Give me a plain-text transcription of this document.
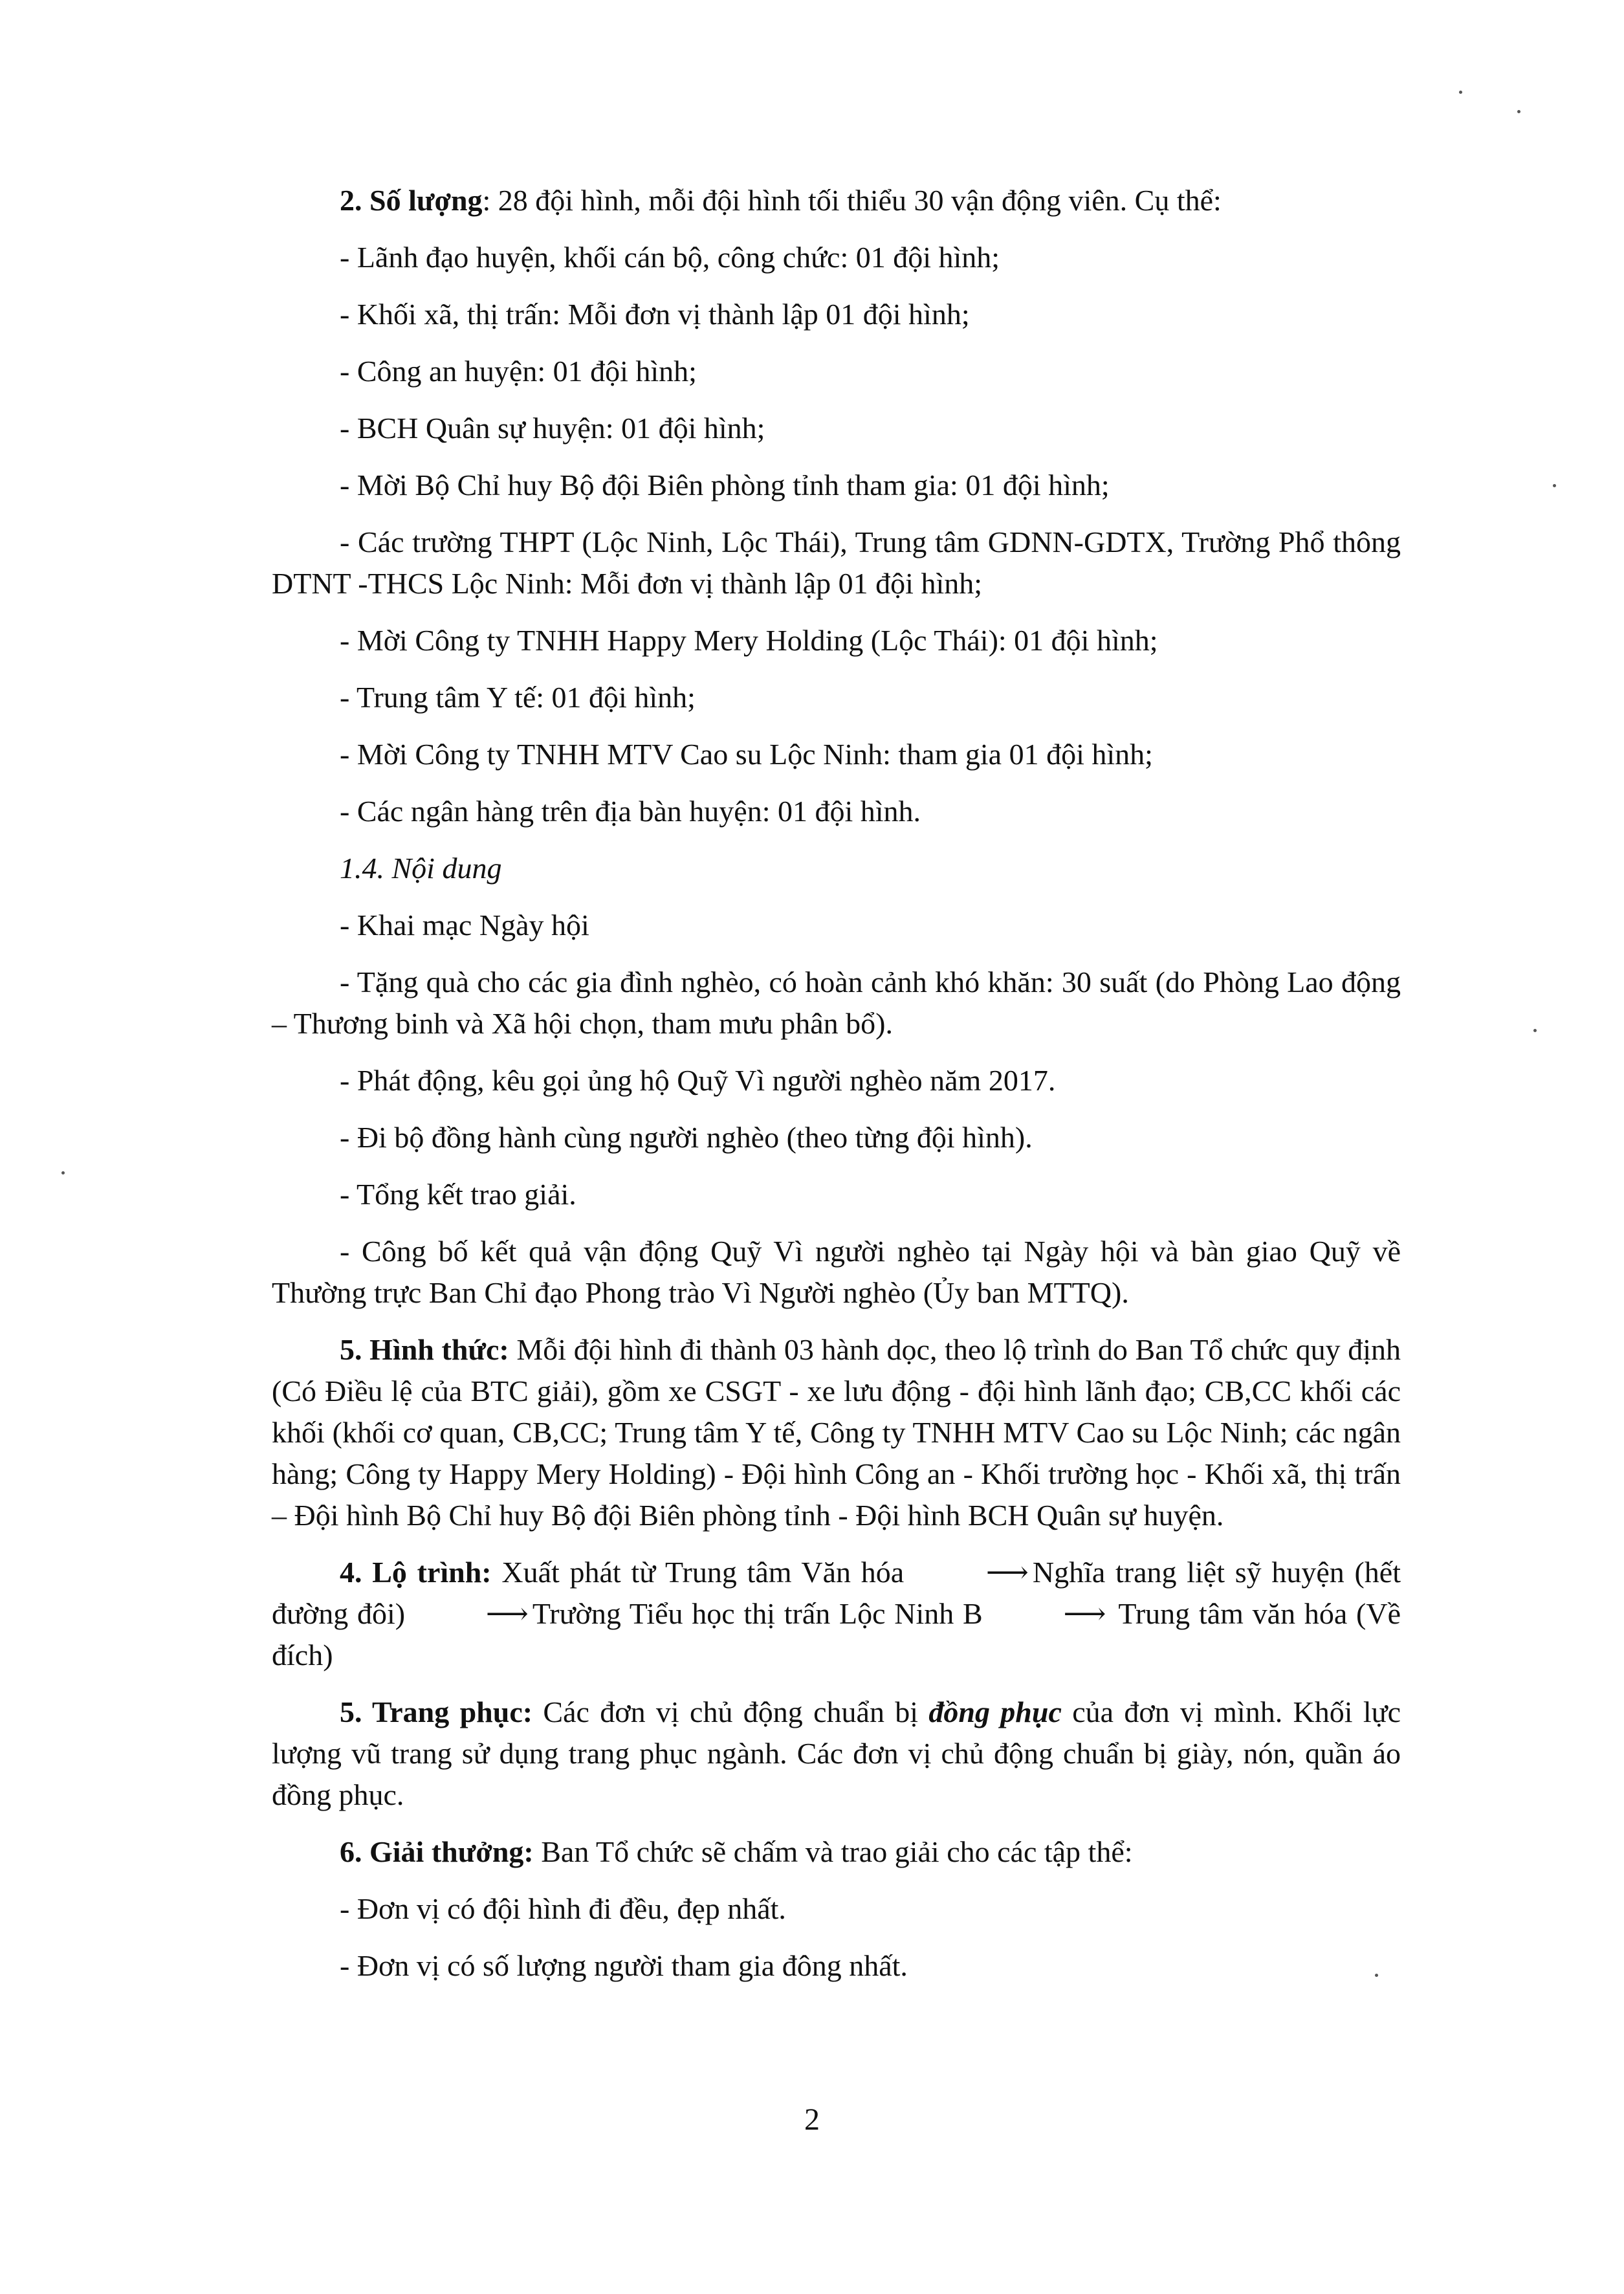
2. Số lượng: 28 đội hình, mỗi đội hình tối thiểu 30 vận động viên. Cụ thể:

- Lãnh đạo huyện, khối cán bộ, công chức: 01 đội hình;

- Khối xã, thị trấn: Mỗi đơn vị thành lập 01 đội hình;

- Công an huyện: 01 đội hình;

- BCH Quân sự huyện: 01 đội hình;

- Mời Bộ Chỉ huy Bộ đội Biên phòng tỉnh tham gia: 01 đội hình;

- Các trường THPT (Lộc Ninh, Lộc Thái), Trung tâm GDNN-GDTX, Trường Phổ thông DTNT -THCS Lộc Ninh: Mỗi đơn vị thành lập 01 đội hình;

- Mời Công ty TNHH Happy Mery Holding (Lộc Thái): 01 đội hình;

- Trung tâm Y tế: 01 đội hình;

- Mời Công ty TNHH MTV Cao su Lộc Ninh: tham gia 01 đội hình;

- Các ngân hàng trên địa bàn huyện: 01 đội hình.

1.4. Nội dung

- Khai mạc Ngày hội

- Tặng quà cho các gia đình nghèo, có hoàn cảnh khó khăn: 30 suất (do Phòng Lao động – Thương binh và Xã hội chọn, tham mưu phân bổ).

- Phát động, kêu gọi ủng hộ Quỹ Vì người nghèo năm 2017.

- Đi bộ đồng hành cùng người nghèo (theo từng đội hình).

- Tổng kết trao giải.

- Công bố kết quả vận động Quỹ Vì người nghèo tại Ngày hội và bàn giao Quỹ về Thường trực Ban Chỉ đạo Phong trào Vì Người nghèo (Ủy ban MTTQ).

5. Hình thức: Mỗi đội hình đi thành 03 hành dọc, theo lộ trình do Ban Tổ chức quy định (Có Điều lệ của BTC giải), gồm xe CSGT - xe lưu động - đội hình lãnh đạo; CB,CC khối các khối (khối cơ quan, CB,CC; Trung tâm Y tế, Công ty TNHH MTV Cao su Lộc Ninh; các ngân hàng; Công ty Happy Mery Holding) - Đội hình Công an - Khối trường học - Khối xã, thị trấn – Đội hình Bộ Chỉ huy Bộ đội Biên phòng tỉnh - Đội hình BCH Quân sự huyện.

4. Lộ trình: Xuất phát từ Trung tâm Văn hóa ⟶ Nghĩa trang liệt sỹ huyện (hết đường đôi) ⟶ Trường Tiểu học thị trấn Lộc Ninh B ⟶ Trung tâm văn hóa (Về đích)

5. Trang phục: Các đơn vị chủ động chuẩn bị đồng phục của đơn vị mình. Khối lực lượng vũ trang sử dụng trang phục ngành. Các đơn vị chủ động chuẩn bị giày, nón, quần áo đồng phục.

6. Giải thưởng: Ban Tổ chức sẽ chấm và trao giải cho các tập thể:

- Đơn vị có đội hình đi đều, đẹp nhất.

- Đơn vị có số lượng người tham gia đông nhất.

2
